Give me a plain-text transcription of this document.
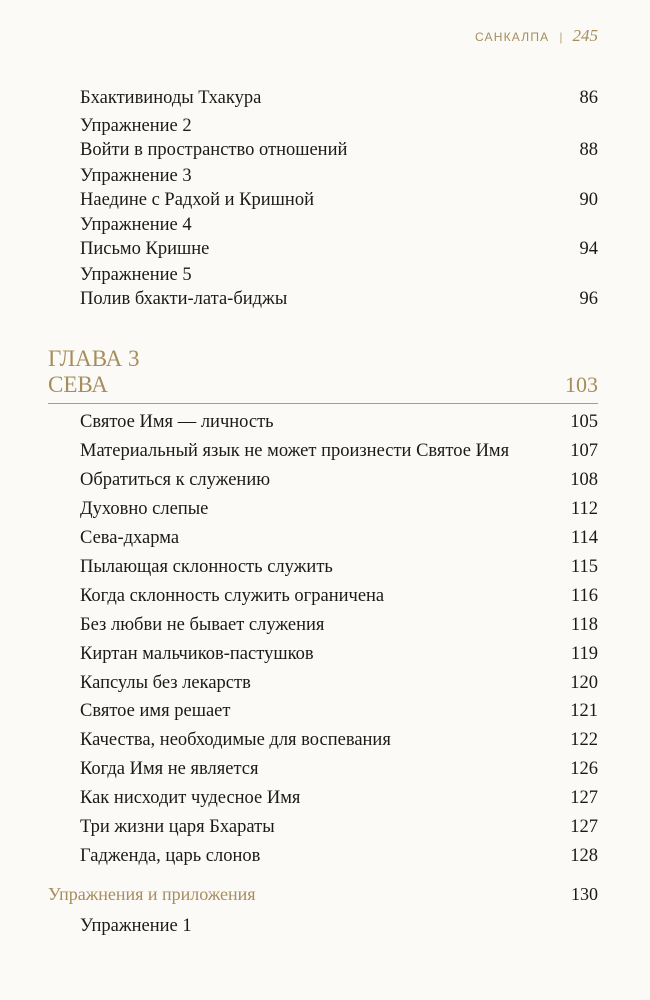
САНКАЛПА | 245
Бхактивиноды Тхакура	86
Упражнение 2
Войти в пространство отношений	88
Упражнение 3
Наедине с Радхой и Кришной	90
Упражнение 4
Письмо Кришне	94
Упражнение 5
Полив бхакти-лата-биджы	96
ГЛАВА 3
СЕВА	103
Святое Имя — личность	105
Материальный язык не может произнести Святое Имя	107
Обратиться к служению	108
Духовно слепые	112
Сева-дхарма	114
Пылающая склонность служить	115
Когда склонность служить ограничена	116
Без любви не бывает служения	118
Киртан мальчиков-пастушков	119
Капсулы без лекарств	120
Святое имя решает	121
Качества, необходимые для воспевания	122
Когда Имя не является	126
Как нисходит чудесное Имя	127
Три жизни царя Бхараты	127
Гадженда, царь слонов	128
Упражнения и приложения	130
Упражнение 1
